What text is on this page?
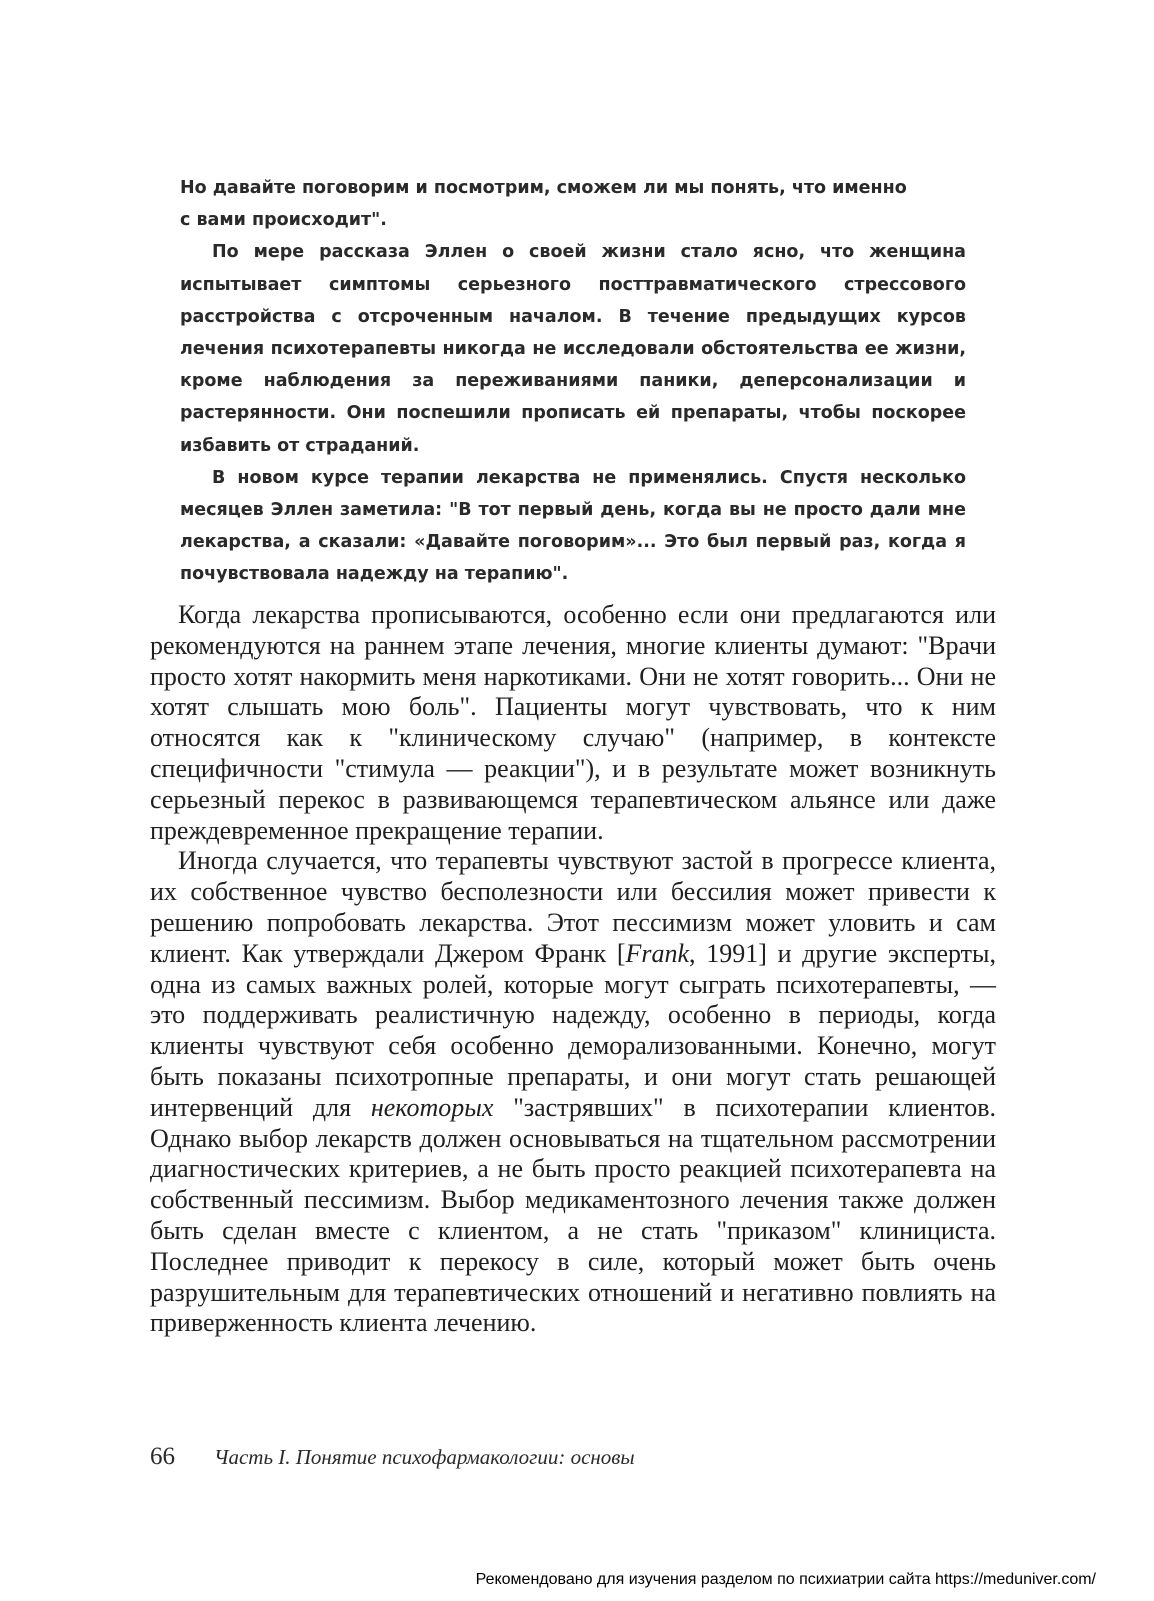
Но давайте поговорим и посмотрим, сможем ли мы понять, что именно
с вами происходит".

По мере рассказа Эллен о своей жизни стало ясно, что женщина испытывает симптомы серьезного посттравматического стрессового расстройства с отсроченным началом. В течение предыдущих курсов лечения психотерапевты никогда не исследовали обстоятельства ее жизни, кроме наблюдения за переживаниями паники, деперсонализации и растерянности. Они поспешили прописать ей препараты, чтобы поскорее избавить от страданий.

В новом курсе терапии лекарства не применялись. Спустя несколько месяцев Эллен заметила: "В тот первый день, когда вы не просто дали мне лекарства, а сказали: «Давайте поговорим»... Это был первый раз, когда я почувствовала надежду на терапию".

Когда лекарства прописываются, особенно если они предлагаются или рекомендуются на раннем этапе лечения, многие клиенты думают: "Врачи просто хотят накормить меня наркотиками. Они не хотят говорить... Они не хотят слышать мою боль". Пациенты могут чувствовать, что к ним относятся как к "клиническому случаю" (например, в контексте специфичности "стимула — реакции"), и в результате может возникнуть серьезный перекос в развивающемся терапевтическом альянсе или даже преждевременное прекращение терапии.

Иногда случается, что терапевты чувствуют застой в прогрессе клиента, их собственное чувство бесполезности или бессилия может привести к решению попробовать лекарства. Этот пессимизм может уловить и сам клиент. Как утверждали Джером Франк [Frank, 1991] и другие эксперты, одна из самых важных ролей, которые могут сыграть психотерапевты, — это поддерживать реалистичную надежду, особенно в периоды, когда клиенты чувствуют себя особенно деморализованными. Конечно, могут быть показаны психотропные препараты, и они могут стать решающей интервенций для некоторых "застрявших" в психотерапии клиентов. Однако выбор лекарств должен основываться на тщательном рассмотрении диагностических критериев, а не быть просто реакцией психотерапевта на собственный пессимизм. Выбор медикаментозного лечения также должен быть сделан вместе с клиентом, а не стать "приказом" клинициста. Последнее приводит к перекосу в силе, который может быть очень разрушительным для терапевтических отношений и негативно повлиять на приверженность клиента лечению.

66 Часть I. Понятие психофармакологии: основы
Рекомендовано для изучения разделом по психиатрии сайта https://meduniver.com/
